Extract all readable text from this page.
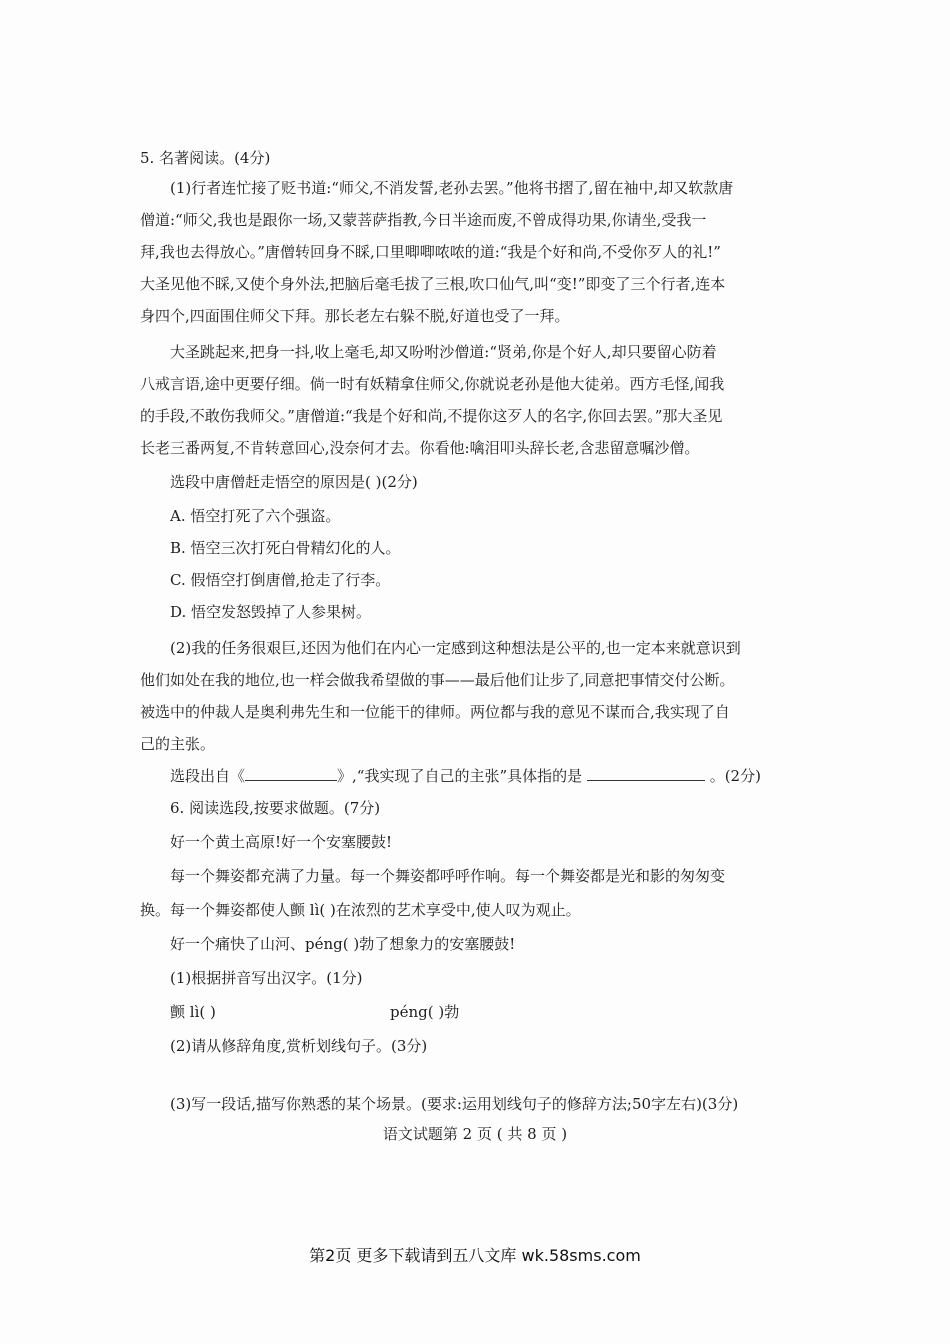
5. 名著阅读。(4分)
(1)行者连忙接了贬书道:“师父,不消发誓,老孙去罢。”他将书摺了,留在袖中,却又软款唐
僧道:“师父,我也是跟你一场,又蒙菩萨指教,今日半途而废,不曾成得功果,你请坐,受我一
拜,我也去得放心。”唐僧转回身不睬,口里唧唧哝哝的道:“我是个好和尚,不受你歹人的礼!”
大圣见他不睬,又使个身外法,把脑后毫毛拔了三根,吹口仙气,叫“变!”即变了三个行者,连本
身四个,四面围住师父下拜。那长老左右躲不脱,好道也受了一拜。
大圣跳起来,把身一抖,收上毫毛,却又吩咐沙僧道:“贤弟,你是个好人,却只要留心防着
八戒言语,途中更要仔细。倘一时有妖精拿住师父,你就说老孙是他大徒弟。西方毛怪,闻我
的手段,不敢伤我师父。”唐僧道:“我是个好和尚,不提你这歹人的名字,你回去罢。”那大圣见
长老三番两复,不肯转意回心,没奈何才去。你看他:噙泪叩头辞长老,含悲留意嘱沙僧。
选段中唐僧赶走悟空的原因是( )(2分)
A. 悟空打死了六个强盗。
B. 悟空三次打死白骨精幻化的人。
C. 假悟空打倒唐僧,抢走了行李。
D. 悟空发怒毁掉了人参果树。
(2)我的任务很艰巨,还因为他们在内心一定感到这种想法是公平的,也一定本来就意识到
他们如处在我的地位,也一样会做我希望做的事——最后他们让步了,同意把事情交付公断。
被选中的仲裁人是奥利弗先生和一位能干的律师。两位都与我的意见不谋而合,我实现了自
己的主张。
选段出自《	》,“我实现了自己的主张”具体指的是	。(2分)
6. 阅读选段,按要求做题。(7分)
好一个黄土高原!好一个安塞腰鼓!
每一个舞姿都充满了力量。每一个舞姿都呼呼作响。每一个舞姿都是光和影的匆匆变
换。每一个舞姿都使人颤 lì( )在浓烈的艺术享受中,使人叹为观止。
好一个痛快了山河、péng( )勃了想象力的安塞腰鼓!
(1)根据拼音写出汉字。(1分)
颤 lì( )	péng( )勃
(2)请从修辞角度,赏析划线句子。(3分)
(3)写一段话,描写你熟悉的某个场景。(要求:运用划线句子的修辞方法;50字左右)(3分)
语文试题第 2 页 ( 共 8 页 )
第2页 更多下载请到五八文库 wk.58sms.com
